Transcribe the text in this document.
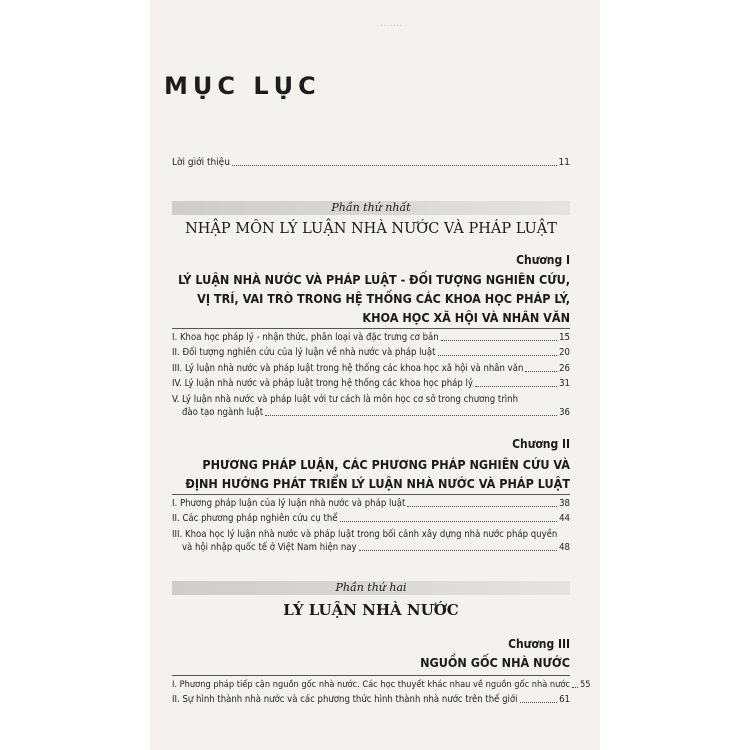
.......
MỤC LỤC
Lời giới thiệu	11
Phần thứ nhất
NHẬP MÔN LÝ LUẬN NHÀ NƯỚC VÀ PHÁP LUẬT
Chương I
LÝ LUẬN NHÀ NƯỚC VÀ PHÁP LUẬT - ĐỐI TƯỢNG NGHIÊN CỨU,
VỊ TRÍ, VAI TRÒ TRONG HỆ THỐNG CÁC KHOA HỌC PHÁP LÝ,
KHOA HỌC XÃ HỘI VÀ NHÂN VĂN
I. Khoa học pháp lý - nhận thức, phân loại và đặc trưng cơ bản	15
II. Đối tượng nghiên cứu của lý luận về nhà nước và pháp luật	20
III. Lý luận nhà nước và pháp luật trong hệ thống các khoa học xã hội và nhân văn	26
IV. Lý luận nhà nước và pháp luật trong hệ thống các khoa học pháp lý	31
V. Lý luận nhà nước và pháp luật với tư cách là môn học cơ sở trong chương trình
đào tạo ngành luật	36
Chương II
PHƯƠNG PHÁP LUẬN, CÁC PHƯƠNG PHÁP NGHIÊN CỨU VÀ
ĐỊNH HƯỚNG PHÁT TRIỂN LÝ LUẬN NHÀ NƯỚC VÀ PHÁP LUẬT
I. Phương pháp luận của lý luận nhà nước và pháp luật	38
II. Các phương pháp nghiên cứu cụ thể	44
III. Khoa học lý luận nhà nước và pháp luật trong bối cảnh xây dựng nhà nước pháp quyền
và hội nhập quốc tế ở Việt Nam hiện nay	48
Phần thứ hai
LÝ LUẬN NHÀ NƯỚC
Chương III
NGUỒN GỐC NHÀ NƯỚC
I. Phương pháp tiếp cận nguồn gốc nhà nước. Các học thuyết khác nhau về nguồn gốc nhà nước 55
II. Sự hình thành nhà nước và các phương thức hình thành nhà nước trên thế giới	61
